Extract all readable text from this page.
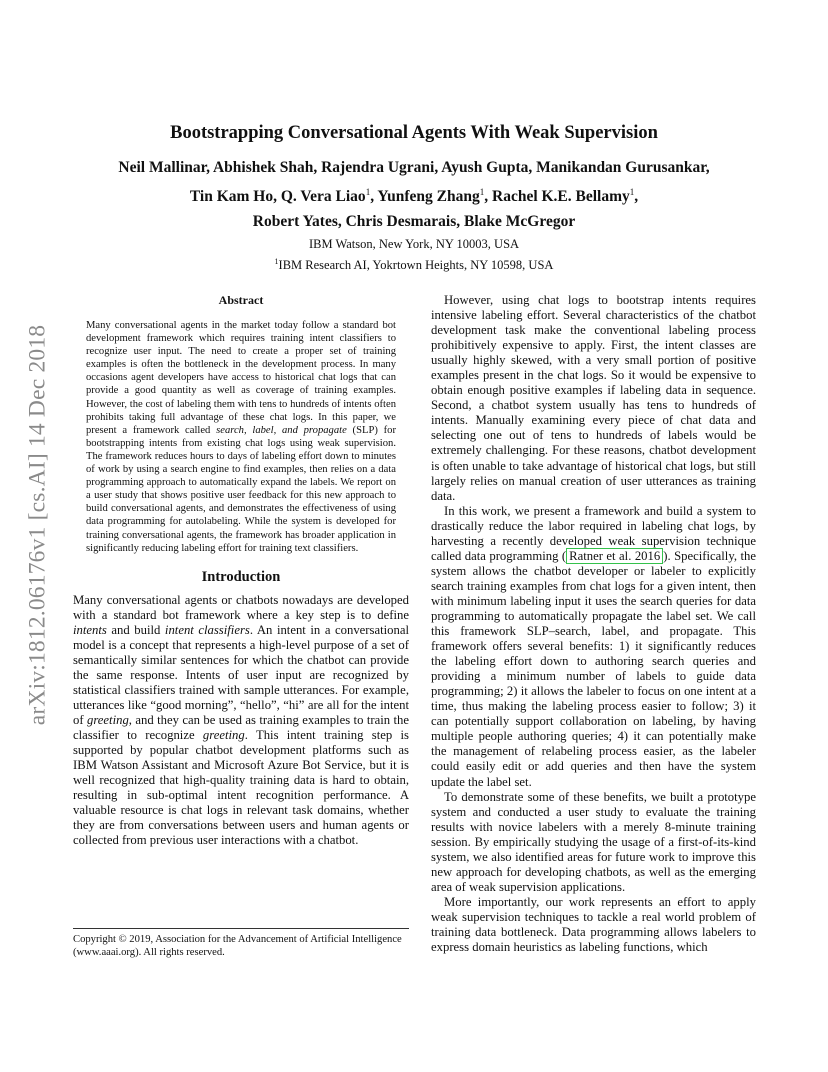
arXiv:1812.06176v1 [cs.AI] 14 Dec 2018
Bootstrapping Conversational Agents With Weak Supervision
Neil Mallinar, Abhishek Shah, Rajendra Ugrani, Ayush Gupta, Manikandan Gurusankar,
Tin Kam Ho, Q. Vera Liao$^1$, Yunfeng Zhang$^1$, Rachel K.E. Bellamy$^1$,
Robert Yates, Chris Desmarais, Blake McGregor
IBM Watson, New York, NY 10003, USA
$^1$IBM Research AI, Yokrtown Heights, NY 10598, USA
Abstract

Many conversational agents in the market today follow a standard bot development framework which requires training intent classifiers to recognize user input. The need to create a proper set of training examples is often the bottleneck in the development process. In many occasions agent developers have access to historical chat logs that can provide a good quantity as well as coverage of training examples. However, the cost of labeling them with tens to hundreds of intents often prohibits taking full advantage of these chat logs. In this paper, we present a framework called search, label, and propagate (SLP) for bootstrapping intents from existing chat logs using weak supervision. The framework reduces hours to days of labeling effort down to minutes of work by using a search engine to find examples, then relies on a data programming approach to automatically expand the labels. We report on a user study that shows positive user feedback for this new approach to build conversational agents, and demonstrates the effectiveness of using data programming for autolabeling. While the system is developed for training conversational agents, the framework has broader application in significantly reducing labeling effort for training text classifiers.

Introduction

Many conversational agents or chatbots nowadays are developed with a standard bot framework where a key step is to define intents and build intent classifiers. An intent in a conversational model is a concept that represents a high-level purpose of a set of semantically similar sentences for which the chatbot can provide the same response. Intents of user input are recognized by statistical classifiers trained with sample utterances. For example, utterances like “good morning”, “hello”, “hi” are all for the intent of greeting, and they can be used as training examples to train the classifier to recognize greeting. This intent training step is supported by popular chatbot development platforms such as IBM Watson Assistant and Microsoft Azure Bot Service, but it is well recognized that high-quality training data is hard to obtain, resulting in sub-optimal intent recognition performance. A valuable resource is chat logs in relevant task domains, whether they are from conversations between users and human agents or collected from previous user interactions with a chatbot.

Copyright © 2019, Association for the Advancement of Artificial Intelligence (www.aaai.org). All rights reserved.

However, using chat logs to bootstrap intents requires intensive labeling effort. Several characteristics of the chatbot development task make the conventional labeling process prohibitively expensive to apply. First, the intent classes are usually highly skewed, with a very small portion of positive examples present in the chat logs. So it would be expensive to obtain enough positive examples if labeling data in sequence. Second, a chatbot system usually has tens to hundreds of intents. Manually examining every piece of chat data and selecting one out of tens to hundreds of labels would be extremely challenging. For these reasons, chatbot development is often unable to take advantage of historical chat logs, but still largely relies on manual creation of user utterances as training data.

In this work, we present a framework and build a system to drastically reduce the labor required in labeling chat logs, by harvesting a recently developed weak supervision technique called data programming ( Ratner et al. 2016 ). Specifically, the system allows the chatbot developer or labeler to explicitly search training examples from chat logs for a given intent, then with minimum labeling input it uses the search queries for data programming to automatically propagate the label set. We call this framework SLP–search, label, and propagate. This framework offers several benefits: 1) it significantly reduces the labeling effort down to authoring search queries and providing a minimum number of labels to guide data programming; 2) it allows the labeler to focus on one intent at a time, thus making the labeling process easier to follow; 3) it can potentially support collaboration on labeling, by having multiple people authoring queries; 4) it can potentially make the management of relabeling process easier, as the labeler could easily edit or add queries and then have the system update the label set.

To demonstrate some of these benefits, we built a prototype system and conducted a user study to evaluate the training results with novice labelers with a merely 8-minute training session. By empirically studying the usage of a first-of-its-kind system, we also identified areas for future work to improve this new approach for developing chatbots, as well as the emerging area of weak supervision applications.

More importantly, our work represents an effort to apply weak supervision techniques to tackle a real world problem of training data bottleneck. Data programming allows labelers to express domain heuristics as labeling functions, which
